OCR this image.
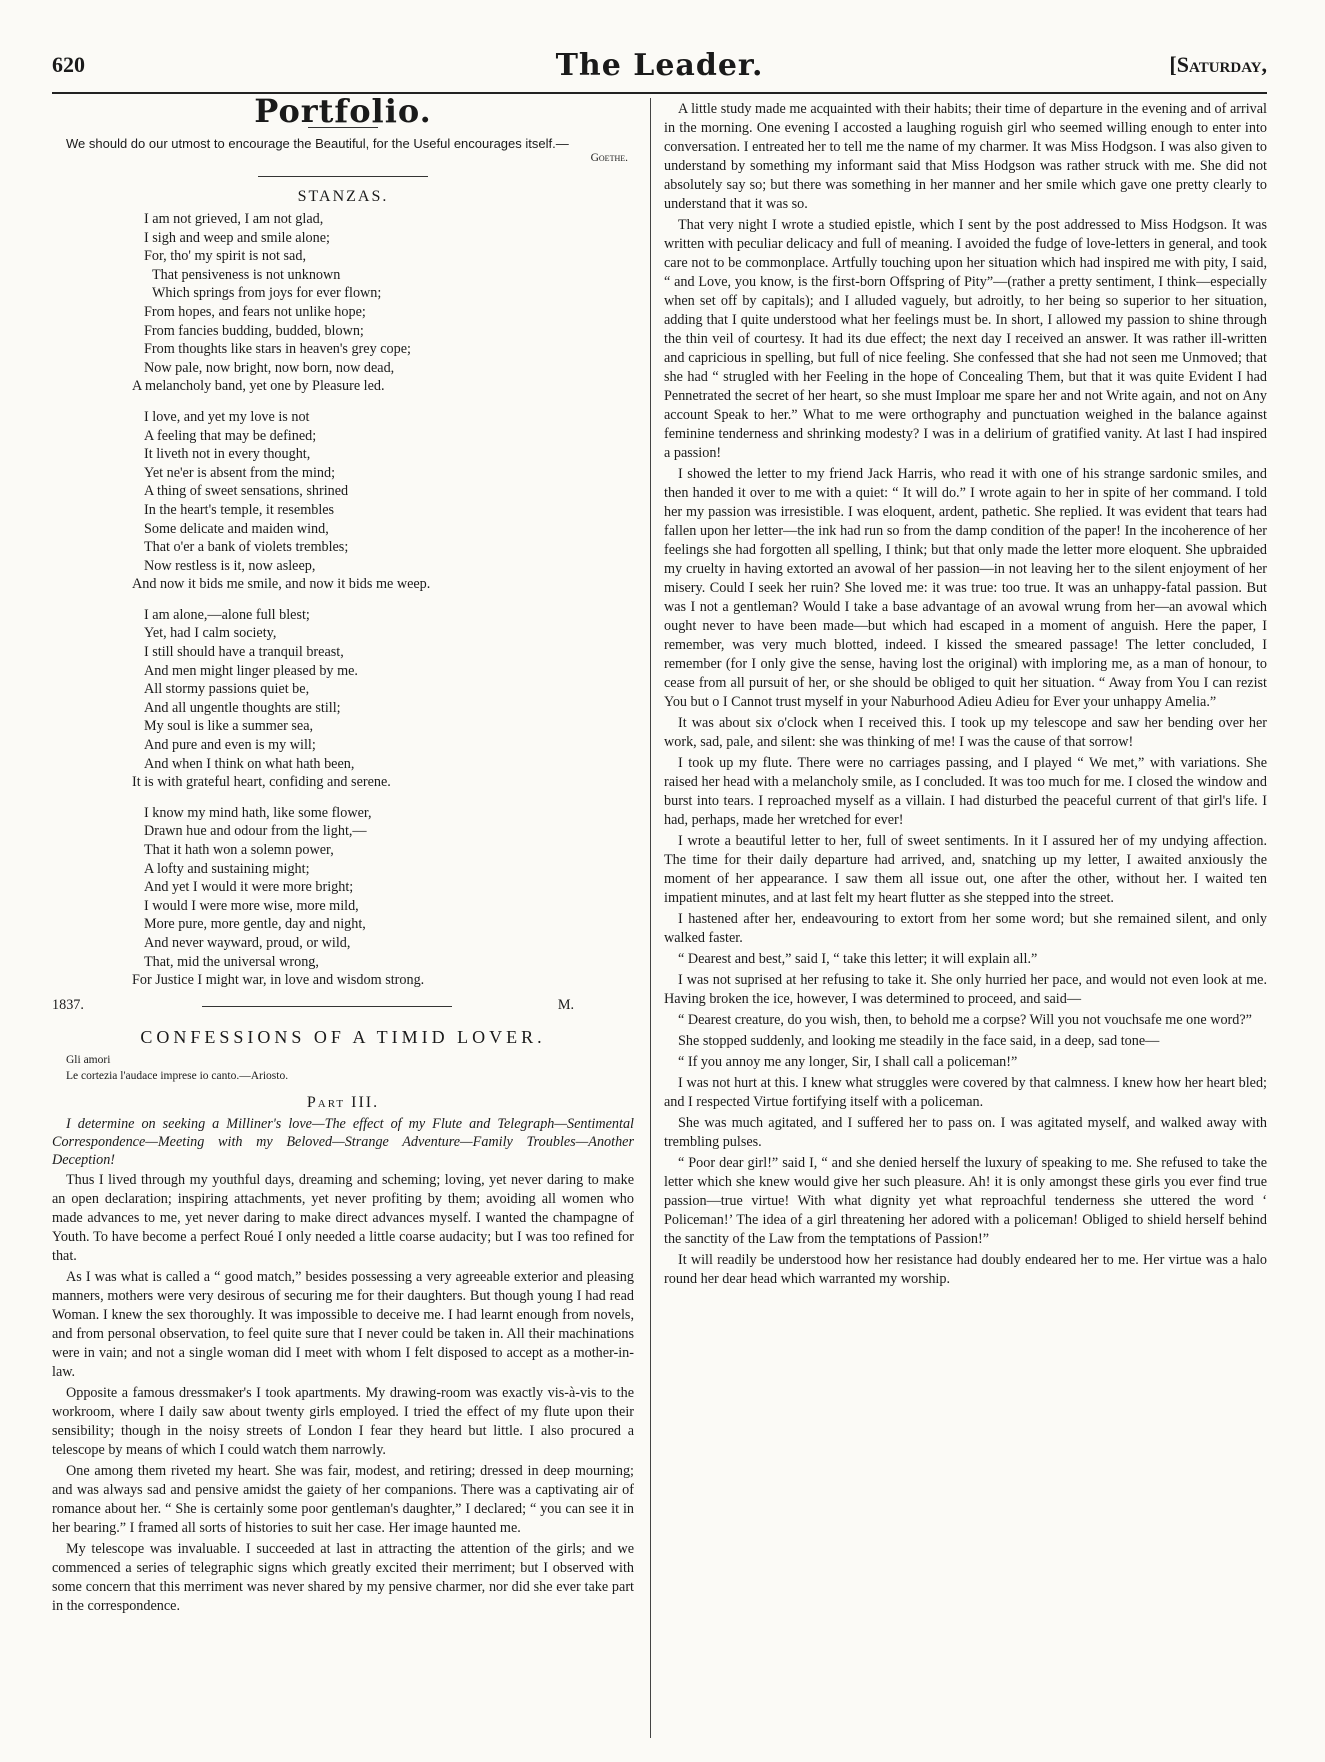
620	The Leader.	[Saturday,
Portfolio.

We should do our utmost to encourage the Beautiful, for the Useful encourages itself.—

Goethe.
STANZAS.
I am not grieved, I am not glad,
I sigh and weep and smile alone;
For, tho' my spirit is not sad,
That pensiveness is not unknown
Which springs from joys for ever flown;
From hopes, and fears not unlike hope;
From fancies budding, budded, blown;
From thoughts like stars in heaven's grey cope;
Now pale, now bright, now born, now dead,
A melancholy band, yet one by Pleasure led.
I love, and yet my love is not
A feeling that may be defined;
It liveth not in every thought,
Yet ne'er is absent from the mind;
A thing of sweet sensations, shrined
In the heart's temple, it resembles
Some delicate and maiden wind,
That o'er a bank of violets trembles;
Now restless is it, now asleep,
And now it bids me smile, and now it bids me weep.
I am alone,—alone full blest;
Yet, had I calm society,
I still should have a tranquil breast,
And men might linger pleased by me.
All stormy passions quiet be,
And all ungentle thoughts are still;
My soul is like a summer sea,
And pure and even is my will;
And when I think on what hath been,
It is with grateful heart, confiding and serene.
I know my mind hath, like some flower,
Drawn hue and odour from the light,—
That it hath won a solemn power,
A lofty and sustaining might;
And yet I would it were more bright;
I would I were more wise, more mild,
More pure, more gentle, day and night,
And never wayward, proud, or wild,
That, mid the universal wrong,
For Justice I might war, in love and wisdom strong.
1837.	M.
CONFESSIONS OF A TIMID LOVER.

Gli amori

Le cortezia l'audace imprese io canto.—Ariosto.

Part III.

I determine on seeking a Milliner's love—The effect of my Flute and Telegraph—Sentimental Correspondence—Meeting with my Beloved—Strange Adventure—Family Troubles—Another Deception!

Thus I lived through my youthful days, dreaming and scheming; loving, yet never daring to make an open declaration; inspiring attachments, yet never profiting by them; avoiding all women who made advances to me, yet never daring to make direct advances myself. I wanted the champagne of Youth. To have become a perfect Roué I only needed a little coarse audacity; but I was too refined for that.

As I was what is called a “ good match,” besides possessing a very agreeable exterior and pleasing manners, mothers were very desirous of securing me for their daughters. But though young I had read Woman. I knew the sex thoroughly. It was impossible to deceive me. I had learnt enough from novels, and from personal observation, to feel quite sure that I never could be taken in. All their machinations were in vain; and not a single woman did I meet with whom I felt disposed to accept as a mother-in-law.

Opposite a famous dressmaker's I took apartments. My drawing-room was exactly vis-à-vis to the workroom, where I daily saw about twenty girls employed. I tried the effect of my flute upon their sensibility; though in the noisy streets of London I fear they heard but little. I also procured a telescope by means of which I could watch them narrowly.

One among them riveted my heart. She was fair, modest, and retiring; dressed in deep mourning; and was always sad and pensive amidst the gaiety of her companions. There was a captivating air of romance about her. “ She is certainly some poor gentleman's daughter,” I declared; “ you can see it in her bearing.” I framed all sorts of histories to suit her case. Her image haunted me.

My telescope was invaluable. I succeeded at last in attracting the attention of the girls; and we commenced a series of telegraphic signs which greatly excited their merriment; but I observed with some concern that this merriment was never shared by my pensive charmer, nor did she ever take part in the correspondence.

A little study made me acquainted with their habits; their time of departure in the evening and of arrival in the morning. One evening I accosted a laughing roguish girl who seemed willing enough to enter into conversation. I entreated her to tell me the name of my charmer. It was Miss Hodgson. I was also given to understand by something my informant said that Miss Hodgson was rather struck with me. She did not absolutely say so; but there was something in her manner and her smile which gave one pretty clearly to understand that it was so.

That very night I wrote a studied epistle, which I sent by the post addressed to Miss Hodgson. It was written with peculiar delicacy and full of meaning. I avoided the fudge of love-letters in general, and took care not to be commonplace. Artfully touching upon her situation which had inspired me with pity, I said, “ and Love, you know, is the first-born Offspring of Pity”—(rather a pretty sentiment, I think—especially when set off by capitals); and I alluded vaguely, but adroitly, to her being so superior to her situation, adding that I quite understood what her feelings must be. In short, I allowed my passion to shine through the thin veil of courtesy. It had its due effect; the next day I received an answer. It was rather ill-written and capricious in spelling, but full of nice feeling. She confessed that she had not seen me Unmoved; that she had “ strugled with her Feeling in the hope of Concealing Them, but that it was quite Evident I had Pennetrated the secret of her heart, so she must Imploar me spare her and not Write again, and not on Any account Speak to her.” What to me were orthography and punctuation weighed in the balance against feminine tenderness and shrinking modesty? I was in a delirium of gratified vanity. At last I had inspired a passion!

I showed the letter to my friend Jack Harris, who read it with one of his strange sardonic smiles, and then handed it over to me with a quiet: “ It will do.” I wrote again to her in spite of her command. I told her my passion was irresistible. I was eloquent, ardent, pathetic. She replied. It was evident that tears had fallen upon her letter—the ink had run so from the damp condition of the paper! In the incoherence of her feelings she had forgotten all spelling, I think; but that only made the letter more eloquent. She upbraided my cruelty in having extorted an avowal of her passion—in not leaving her to the silent enjoyment of her misery. Could I seek her ruin? She loved me: it was true: too true. It was an unhappy-fatal passion. But was I not a gentleman? Would I take a base advantage of an avowal wrung from her—an avowal which ought never to have been made—but which had escaped in a moment of anguish. Here the paper, I remember, was very much blotted, indeed. I kissed the smeared passage! The letter concluded, I remember (for I only give the sense, having lost the original) with imploring me, as a man of honour, to cease from all pursuit of her, or she should be obliged to quit her situation. “ Away from You I can rezist You but o I Cannot trust myself in your Naburhood Adieu Adieu for Ever your unhappy Amelia.”

It was about six o'clock when I received this. I took up my telescope and saw her bending over her work, sad, pale, and silent: she was thinking of me! I was the cause of that sorrow!

I took up my flute. There were no carriages passing, and I played “ We met,” with variations. She raised her head with a melancholy smile, as I concluded. It was too much for me. I closed the window and burst into tears. I reproached myself as a villain. I had disturbed the peaceful current of that girl's life. I had, perhaps, made her wretched for ever!

I wrote a beautiful letter to her, full of sweet sentiments. In it I assured her of my undying affection. The time for their daily departure had arrived, and, snatching up my letter, I awaited anxiously the moment of her appearance. I saw them all issue out, one after the other, without her. I waited ten impatient minutes, and at last felt my heart flutter as she stepped into the street.

I hastened after her, endeavouring to extort from her some word; but she remained silent, and only walked faster.

“ Dearest and best,” said I, “ take this letter; it will explain all.”

I was not suprised at her refusing to take it. She only hurried her pace, and would not even look at me. Having broken the ice, however, I was determined to proceed, and said—

“ Dearest creature, do you wish, then, to behold me a corpse? Will you not vouchsafe me one word?”

She stopped suddenly, and looking me steadily in the face said, in a deep, sad tone—

“ If you annoy me any longer, Sir, I shall call a policeman!”

I was not hurt at this. I knew what struggles were covered by that calmness. I knew how her heart bled; and I respected Virtue fortifying itself with a policeman.

She was much agitated, and I suffered her to pass on. I was agitated myself, and walked away with trembling pulses.

“ Poor dear girl!” said I, “ and she denied herself the luxury of speaking to me. She refused to take the letter which she knew would give her such pleasure. Ah! it is only amongst these girls you ever find true passion—true virtue! With what dignity yet what reproachful tenderness she uttered the word ‘ Policeman!’ The idea of a girl threatening her adored with a policeman! Obliged to shield herself behind the sanctity of the Law from the temptations of Passion!”

It will readily be understood how her resistance had doubly endeared her to me. Her virtue was a halo round her dear head which warranted my worship.
